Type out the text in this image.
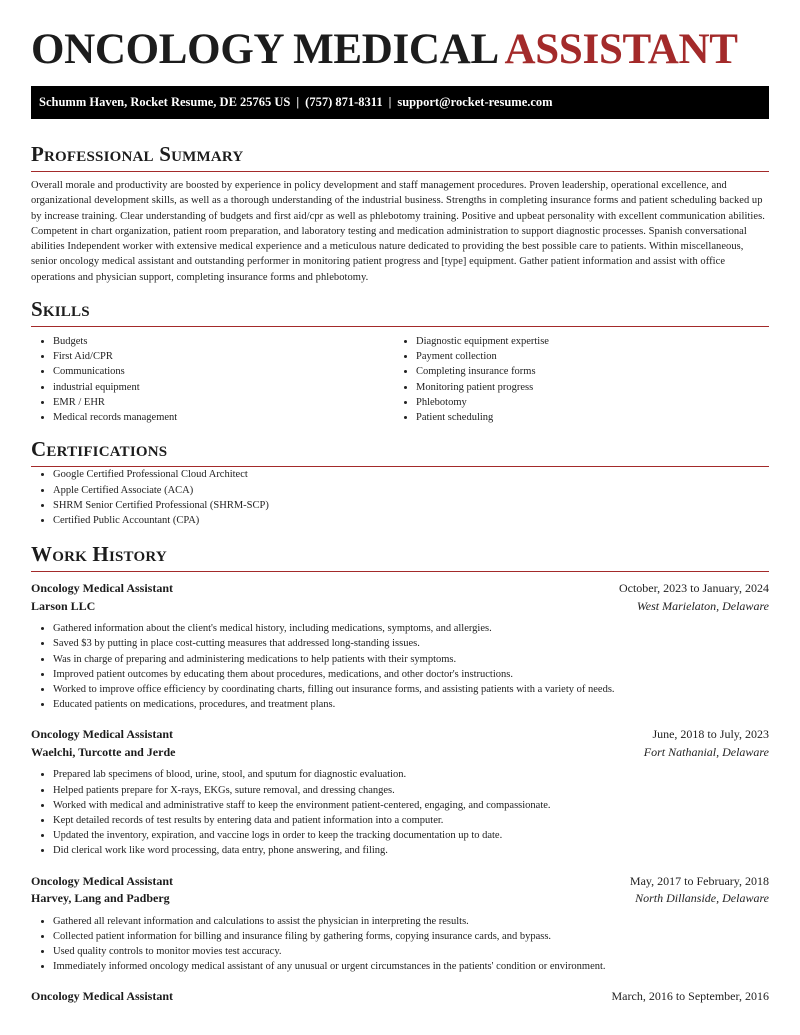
ONCOLOGY MEDICAL ASSISTANT
Schumm Haven, Rocket Resume, DE 25765 US | (757) 871-8311 | support@rocket-resume.com
Professional Summary

Overall morale and productivity are boosted by experience in policy development and staff management procedures. Proven leadership, operational excellence, and organizational development skills, as well as a thorough understanding of the industrial business. Strengths in completing insurance forms and patient scheduling backed up by increase training. Clear understanding of budgets and first aid/cpr as well as phlebotomy training. Positive and upbeat personality with excellent communication abilities. Competent in chart organization, patient room preparation, and laboratory testing and medication administration to support diagnostic processes. Spanish conversational abilities Independent worker with extensive medical experience and a meticulous nature dedicated to providing the best possible care to patients. Within miscellaneous, senior oncology medical assistant and outstanding performer in monitoring patient progress and [type] equipment. Gather patient information and assist with office operations and physician support, completing insurance forms and phlebotomy.

Skills
• Budgets
• First Aid/CPR
• Communications
• industrial equipment
• EMR / EHR
• Medical records management
• Diagnostic equipment expertise
• Payment collection
• Completing insurance forms
• Monitoring patient progress
• Phlebotomy
• Patient scheduling
Certifications
• Google Certified Professional Cloud Architect
• Apple Certified Associate (ACA)
• SHRM Senior Certified Professional (SHRM-SCP)
• Certified Public Accountant (CPA)
Work History
Oncology Medical Assistant	October, 2023 to January, 2024
Larson LLC	West Marielaton, Delaware
• Gathered information about the client's medical history, including medications, symptoms, and allergies.
• Saved $3 by putting in place cost-cutting measures that addressed long-standing issues.
• Was in charge of preparing and administering medications to help patients with their symptoms.
• Improved patient outcomes by educating them about procedures, medications, and other doctor's instructions.
• Worked to improve office efficiency by coordinating charts, filling out insurance forms, and assisting patients with a variety of needs.
• Educated patients on medications, procedures, and treatment plans.
Oncology Medical Assistant	June, 2018 to July, 2023
Waelchi, Turcotte and Jerde	Fort Nathanial, Delaware
• Prepared lab specimens of blood, urine, stool, and sputum for diagnostic evaluation.
• Helped patients prepare for X-rays, EKGs, suture removal, and dressing changes.
• Worked with medical and administrative staff to keep the environment patient-centered, engaging, and compassionate.
• Kept detailed records of test results by entering data and patient information into a computer.
• Updated the inventory, expiration, and vaccine logs in order to keep the tracking documentation up to date.
• Did clerical work like word processing, data entry, phone answering, and filing.
Oncology Medical Assistant	May, 2017 to February, 2018
Harvey, Lang and Padberg	North Dillanside, Delaware
• Gathered all relevant information and calculations to assist the physician in interpreting the results.
• Collected patient information for billing and insurance filing by gathering forms, copying insurance cards, and bypass.
• Used quality controls to monitor movies test accuracy.
• Immediately informed oncology medical assistant of any unusual or urgent circumstances in the patients' condition or environment.
Oncology Medical Assistant	March, 2016 to September, 2016
